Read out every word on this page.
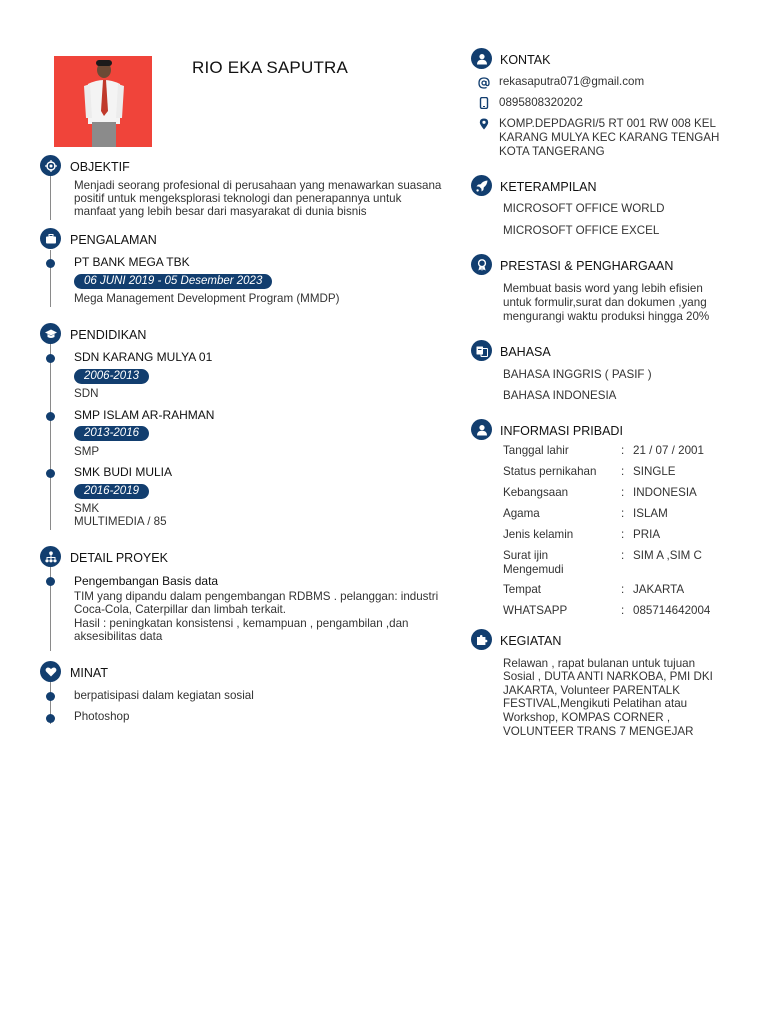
RIO EKA SAPUTRA
OBJEKTIF
Menjadi seorang profesional di perusahaan yang menawarkan suasana
positif untuk mengeksplorasi teknologi dan penerapannya untuk
manfaat yang lebih besar dari masyarakat di dunia bisnis
PENGALAMAN
PT BANK MEGA TBK
06 JUNI 2019 - 05 Desember 2023
Mega Management Development Program (MMDP)
PENDIDIKAN
SDN KARANG MULYA 01
2006-2013
SDN
SMP ISLAM AR-RAHMAN
2013-2016
SMP
SMK BUDI MULIA
2016-2019
SMK
MULTIMEDIA / 85
DETAIL PROYEK
Pengembangan Basis data
TIM yang dipandu dalam pengembangan RDBMS . pelanggan: industri
Coca-Cola, Caterpillar dan limbah terkait.
Hasil : peningkatan konsistensi , kemampuan , pengambilan ,dan
aksesibilitas data
MINAT
berpatisipasi dalam kegiatan sosial
Photoshop
KONTAK
rekasaputra071@gmail.com
0895808320202
KOMP.DEPDAGRI/5 RT 001 RW 008 KEL
KARANG MULYA KEC KARANG TENGAH
KOTA TANGERANG
KETERAMPILAN
MICROSOFT OFFICE WORLD
MICROSOFT OFFICE EXCEL
PRESTASI & PENGHARGAAN
Membuat basis word yang lebih efisien
untuk formulir,surat dan dokumen ,yang
mengurangi waktu produksi hingga 20%
BAHASA
BAHASA INGGRIS ( PASIF )
BAHASA INDONESIA
INFORMASI PRIBADI
Tanggal lahir	: 21 / 07 / 2001
Status pernikahan	: SINGLE
Kebangsaan	: INDONESIA
Agama	: ISLAM
Jenis kelamin	: PRIA
Surat ijin Mengemudi
: SIM A ,SIM C
Tempat	: JAKARTA
WHATSAPP	: 085714642004
KEGIATAN
Relawan , rapat bulanan untuk tujuan
Sosial , DUTA ANTI NARKOBA, PMI DKI
JAKARTA, Volunteer PARENTALK
FESTIVAL,Mengikuti Pelatihan atau
Workshop, KOMPAS CORNER ,
VOLUNTEER TRANS 7 MENGEJAR
